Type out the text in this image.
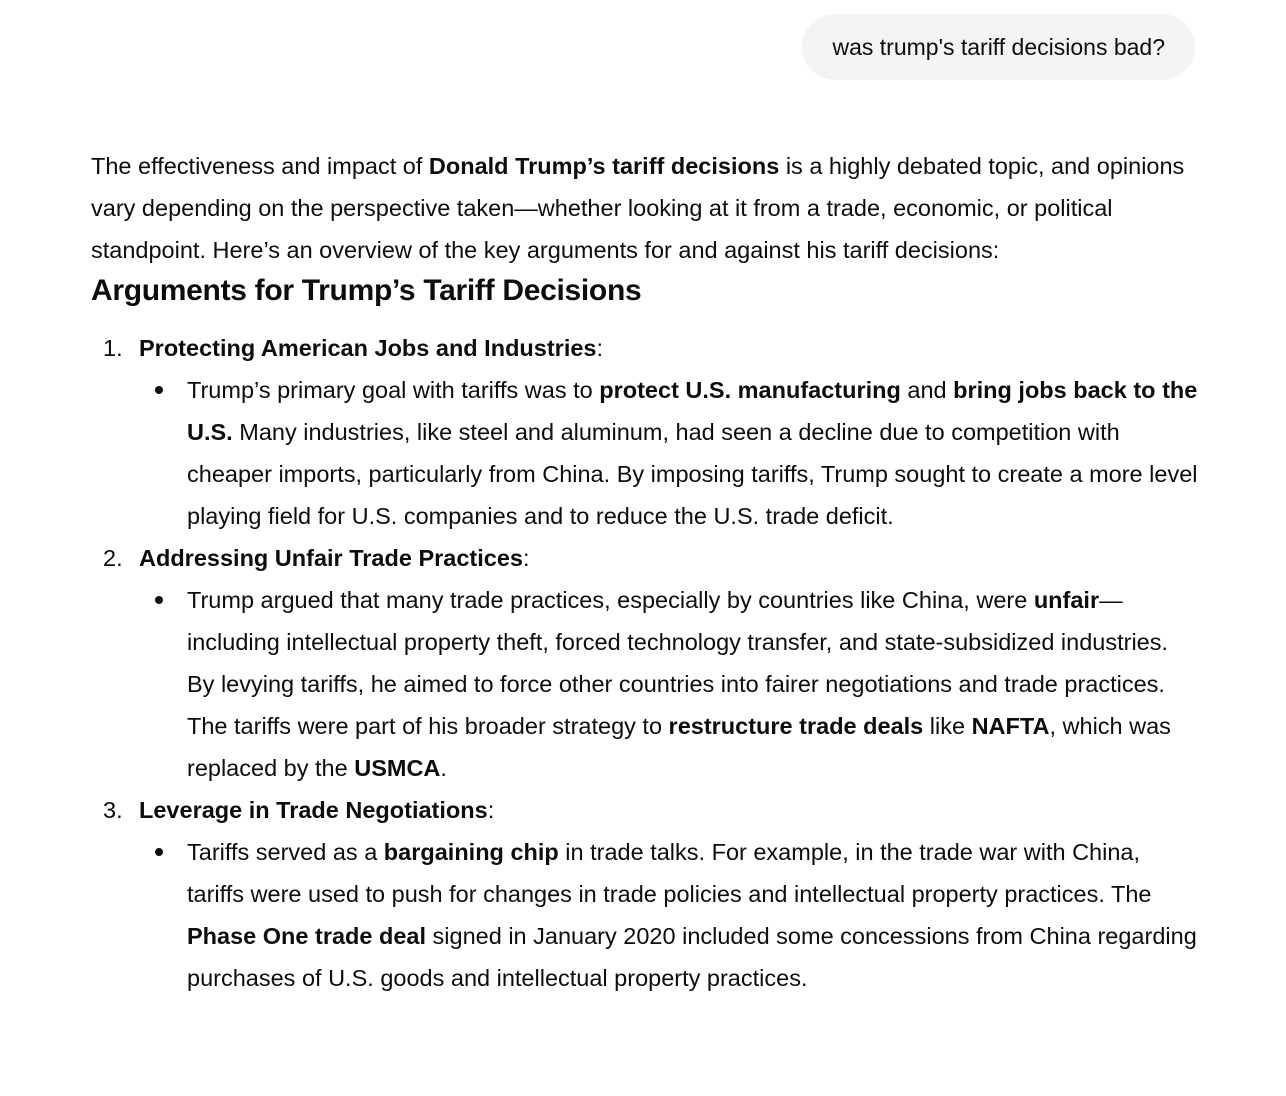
was trump's tariff decisions bad?

The effectiveness and impact of Donald Trump’s tariff decisions is a highly debated topic, and opinions vary depending on the perspective taken—whether looking at it from a trade, economic, or political standpoint. Here’s an overview of the key arguments for and against his tariff decisions:

Arguments for Trump’s Tariff Decisions

1. Protecting American Jobs and Industries:

Trump’s primary goal with tariffs was to protect U.S. manufacturing and bring jobs back to the U.S. Many industries, like steel and aluminum, had seen a decline due to competition with cheaper imports, particularly from China. By imposing tariffs, Trump sought to create a more level playing field for U.S. companies and to reduce the U.S. trade deficit.

2. Addressing Unfair Trade Practices:

Trump argued that many trade practices, especially by countries like China, were unfair—including intellectual property theft, forced technology transfer, and state-subsidized industries. By levying tariffs, he aimed to force other countries into fairer negotiations and trade practices. The tariffs were part of his broader strategy to restructure trade deals like NAFTA, which was replaced by the USMCA.

3. Leverage in Trade Negotiations:

Tariffs served as a bargaining chip in trade talks. For example, in the trade war with China, tariffs were used to push for changes in trade policies and intellectual property practices. The Phase One trade deal signed in January 2020 included some concessions from China regarding purchases of U.S. goods and intellectual property practices.
